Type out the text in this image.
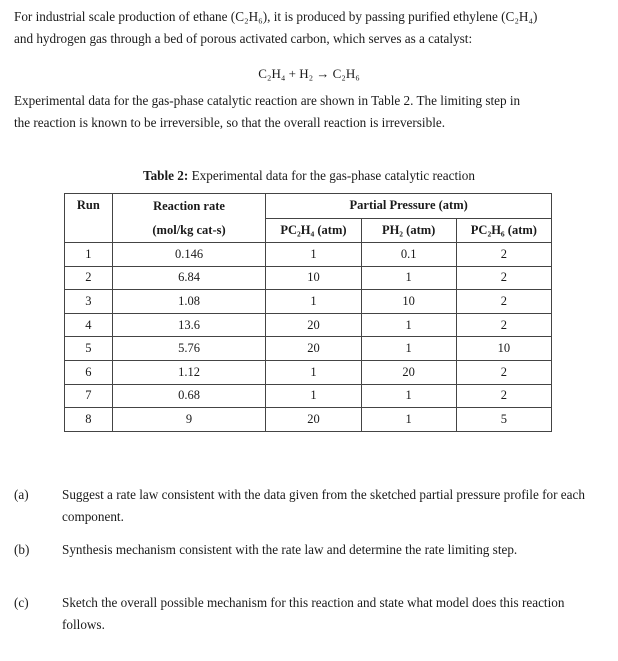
For industrial scale production of ethane (C₂H₆), it is produced by passing purified ethylene (C₂H₄)
and hydrogen gas through a bed of porous activated carbon, which serves as a catalyst:
C₂H₄ + H₂ → C₂H₆
Experimental data for the gas-phase catalytic reaction are shown in Table 2. The limiting step in
the reaction is known to be irreversible, so that the overall reaction is irreversible.
Table 2: Experimental data for the gas-phase catalytic reaction
Run	Reaction rate	Partial Pressure (atm)		
	(mol/kg cat-s)	PC₂H₄ (atm)	PH₂ (atm)	PC₂H₆ (atm)
1	0.146	1	0.1	2
2	6.84	10	1	2
3	1.08	1	10	2
4	13.6	20	1	2
5	5.76	20	1	10
6	1.12	1	20	2
7	0.68	1	1	2
8	9	20	1	5
(a)	Suggest a rate law consistent with the data given from the sketched partial pressure profile for each component.
(b)	Synthesis mechanism consistent with the rate law and determine the rate limiting step.
(c)	Sketch the overall possible mechanism for this reaction and state what model does this reaction follows.
